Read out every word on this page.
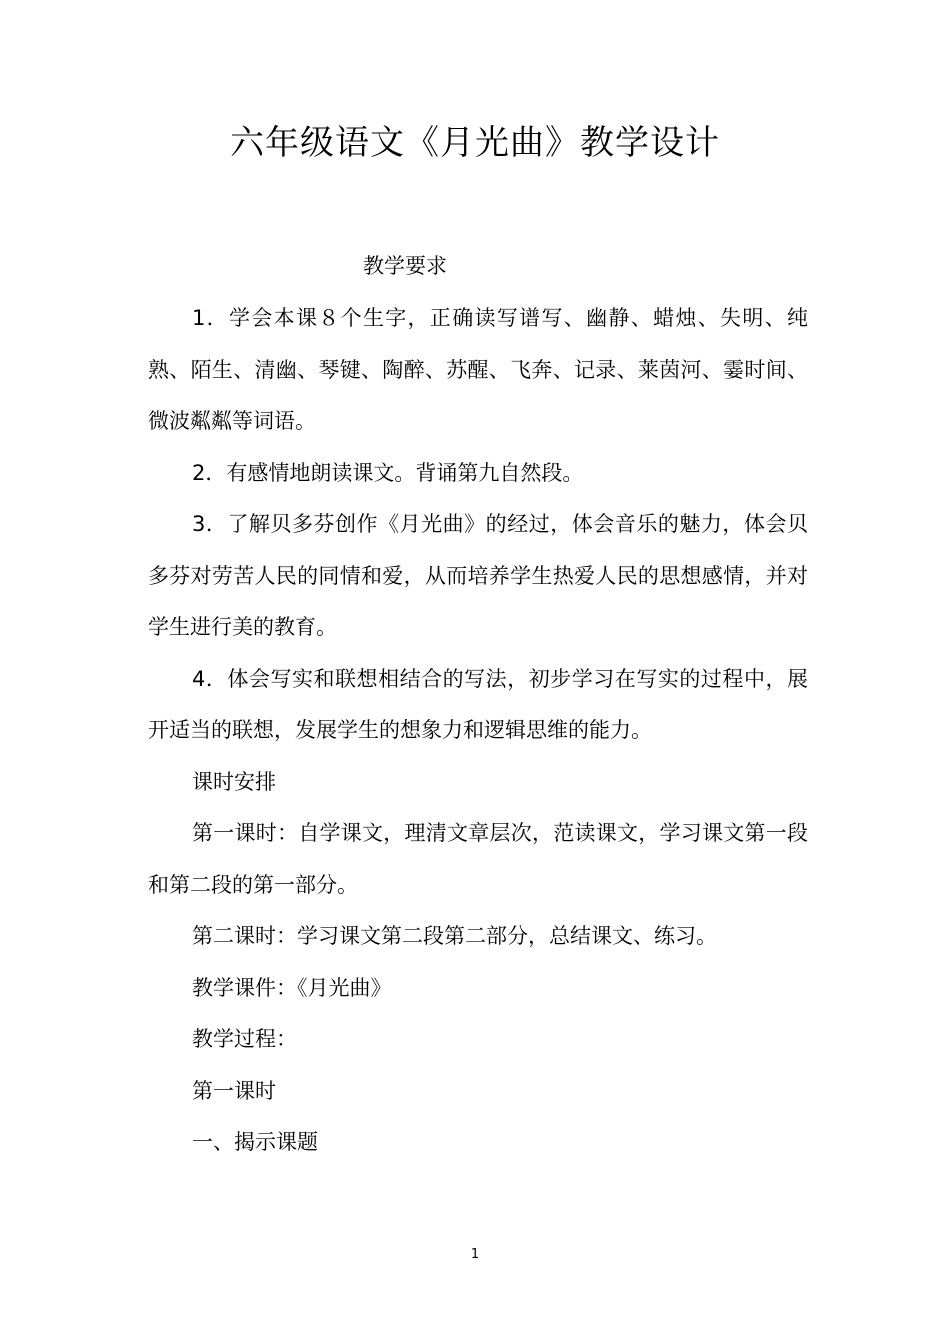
六年级语文《月光曲》教学设计
教学要求

1．学会本课８个生字，正确读写谱写、幽静、蜡烛、失明、纯熟、陌生、清幽、琴键、陶醉、苏醒、飞奔、记录、莱茵河、霎时间、微波粼粼等词语。

2．有感情地朗读课文。背诵第九自然段。

3．了解贝多芬创作《月光曲》的经过，体会音乐的魅力，体会贝多芬对劳苦人民的同情和爱，从而培养学生热爱人民的思想感情，并对学生进行美的教育。

4．体会写实和联想相结合的写法，初步学习在写实的过程中，展开适当的联想，发展学生的想象力和逻辑思维的能力。

课时安排

第一课时：自学课文，理清文章层次，范读课文，学习课文第一段和第二段的第一部分。

第二课时：学习课文第二段第二部分，总结课文、练习。

教学课件：《月光曲》

教学过程：

第一课时

一、揭示课题

1
